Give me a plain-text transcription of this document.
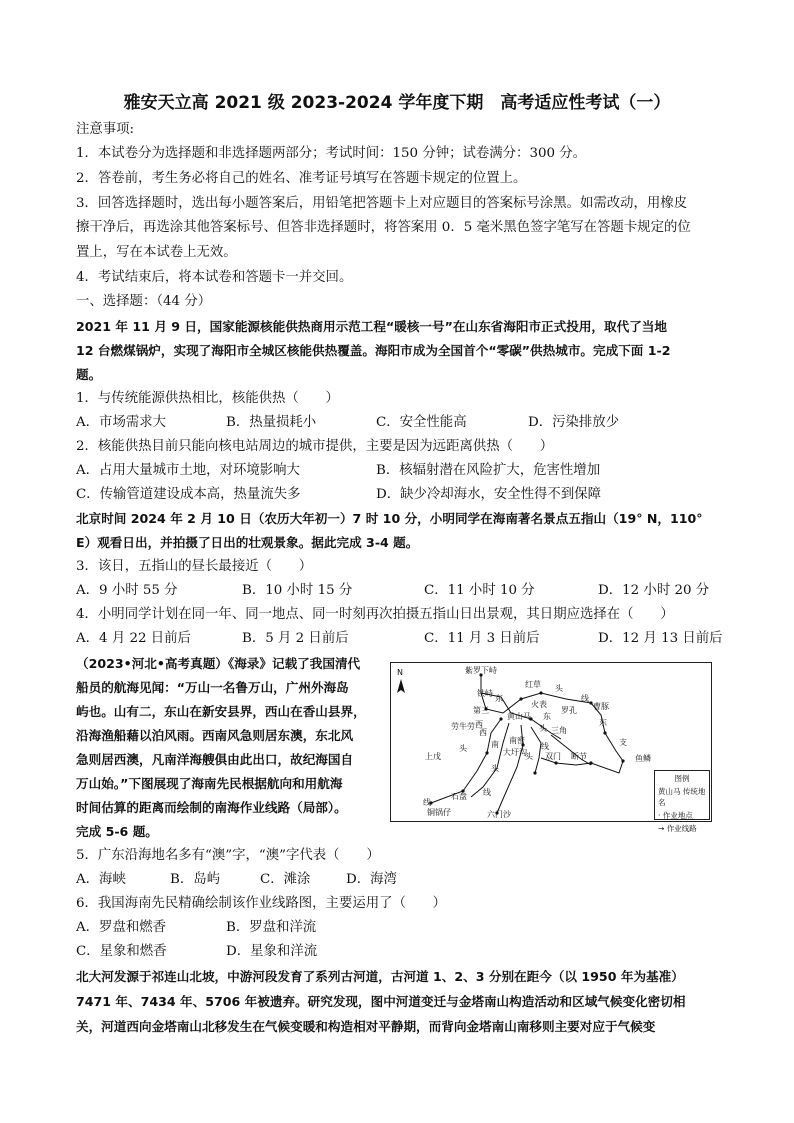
雅安天立高 2021 级 2023-2024 学年度下期　高考适应性考试（一）
注意事项:
1．本试卷分为选择题和非选择题两部分；考试时间：150 分钟；试卷满分：300 分。
2．答卷前，考生务必将自己的姓名、准考证号填写在答题卡规定的位置上。
3．回答选择题时，选出每小题答案后，用铅笔把答题卡上对应题目的答案标号涂黑。如需改动，用橡皮
擦干净后，再选涂其他答案标号、但答非选择题时，将答案用 0．5 毫米黑色签字笔写在答题卡规定的位
置上，写在本试卷上无效。
4．考试结束后，将本试卷和答题卡一并交回。
一、选择题：（44 分）
2021 年 11 月 9 日，国家能源核能供热商用示范工程“暖核一号”在山东省海阳市正式投用，取代了当地
12 台燃煤锅炉，实现了海阳市全城区核能供热覆盖。海阳市成为全国首个“零碳”供热城市。完成下面 1-2
题。
1．与传统能源供热相比，核能供热（　　）
A．市场需求大	B．热量损耗小	C．安全性能高	D．污染排放少
2．核能供热目前只能向核电站周边的城市提供，主要是因为远距离供热（　　）
A．占用大量城市土地，对环境影响大	B．核辐射潜在风险扩大，危害性增加
C．传输管道建设成本高，热量流失多	D．缺少冷却海水，安全性得不到保障
北京时间 2024 年 2 月 10 日（农历大年初一）7 时 10 分，小明同学在海南著名景点五指山（19° N，110°
E）观看日出，并拍摄了日出的壮观景象。据此完成 3-4 题。
3．该日，五指山的昼长最接近（　　）
A．9 小时 55 分	B．10 小时 15 分	C．11 小时 10 分	D．12 小时 20 分
4．小明同学计划在同一年、同一地点、同一时刻再次拍摄五指山日出景观，其日期应选择在（　　）
A．4 月 22 日前后	B．5 月 2 日前后	C．11 月 3 日前后	D．12 月 13 日前后
（2023•河北•高考真题）《海录》记载了我国清代
船员的航海见闻：“万山一名鲁万山，广州外海岛
屿也。山有二，东山在新安县界，西山在香山县界，
沿海渔船藉以泊风雨。西南风急则居东澳，东北风
急则居西澳，凡南洋海艘俱由此出口，故纪海国自
万山始。”下图展现了海南先民根据航向和用航海
时间估算的距离而绘制的南海作业线路（局部）。
完成 5-6 题。
N	紫罗下峙
铁峙
红草
第三
黄山马
火表
罗孔 曹豚
东
西
劳牛劳
南密
三角
上戊	双门 断节	鱼鳞
石盘
大圩沟
六门沙
铜锅仔
东
头
线
东
支
头
头	线
西
线
头
南
头
线
图例
黄山马 传统地名
· 作业地点
→ 作业线路
5．广东沿海地名多有“澳”字，“澳”字代表（　　）
A．海峡	B．岛屿	C．滩涂	D．海湾
6．我国海南先民精确绘制该作业线路图，主要运用了（　　）
A．罗盘和燃香	B．罗盘和洋流
C．星象和燃香	D．星象和洋流
北大河发源于祁连山北坡，中游河段发育了系列古河道，古河道 1、2、3 分别在距今（以 1950 年为基准）
7471 年、7434 年、5706 年被遗弃。研究发现，图中河道变迁与金塔南山构造活动和区域气候变化密切相
关，河道西向金塔南山北移发生在气候变暖和构造相对平静期，而背向金塔南山南移则主要对应于气候变
